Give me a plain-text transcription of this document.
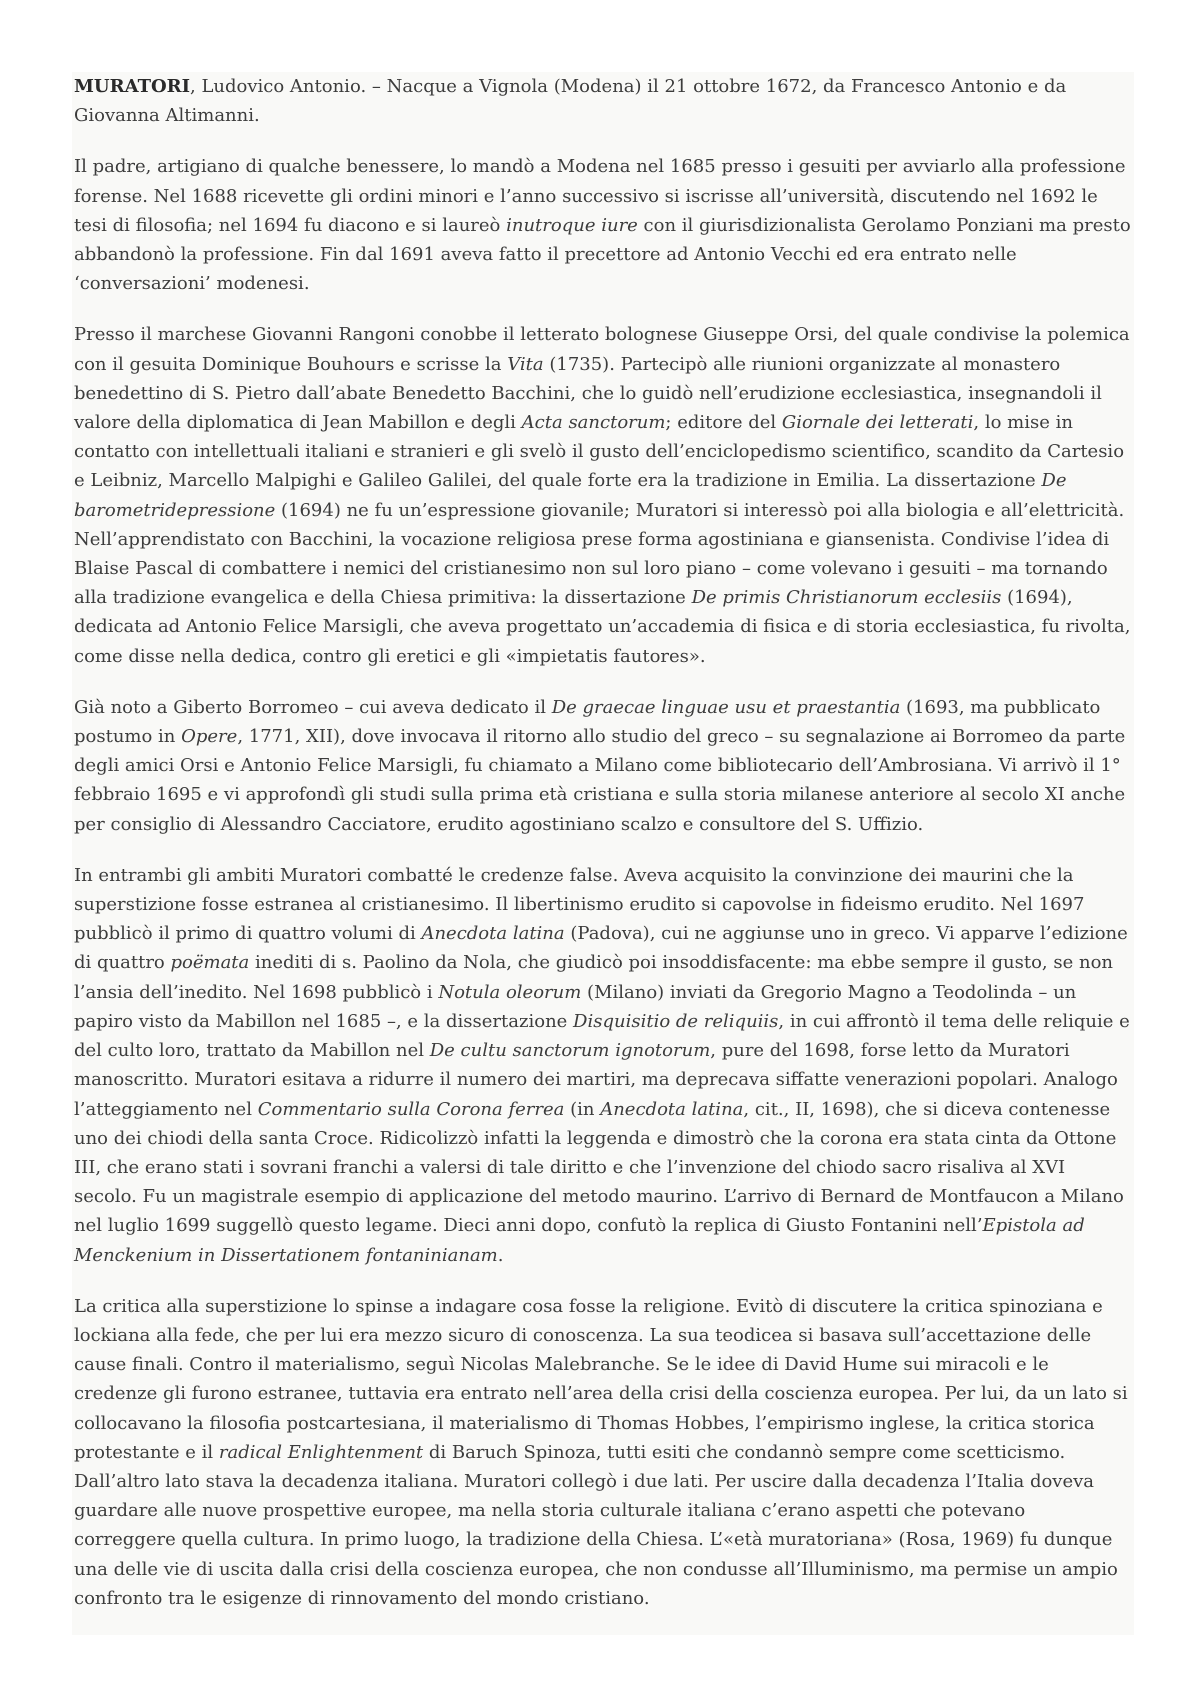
MURATORI, Ludovico Antonio. – Nacque a Vignola (Modena) il 21 ottobre 1672, da Francesco Antonio e da Giovanna Altimanni.

Il padre, artigiano di qualche benessere, lo mandò a Modena nel 1685 presso i gesuiti per avviarlo alla professione forense. Nel 1688 ricevette gli ordini minori e l’anno successivo si iscrisse all’università, discutendo nel 1692 le tesi di filosofia; nel 1694 fu diacono e si laureò inutroque iure con il giurisdizionalista Gerolamo Ponziani ma presto abbandonò la professione. Fin dal 1691 aveva fatto il precettore ad Antonio Vecchi ed era entrato nelle ‘conversazioni’ modenesi.

Presso il marchese Giovanni Rangoni conobbe il letterato bolognese Giuseppe Orsi, del quale condivise la polemica con il gesuita Dominique Bouhours e scrisse la Vita (1735). Partecipò alle riunioni organizzate al monastero benedettino di S. Pietro dall’abate Benedetto Bacchini, che lo guidò nell’erudizione ecclesiastica, insegnandoli il valore della diplomatica di Jean Mabillon e degli Acta sanctorum; editore del Giornale dei letterati, lo mise in contatto con intellettuali italiani e stranieri e gli svelò il gusto dell’enciclopedismo scientifico, scandito da Cartesio e Leibniz, Marcello Malpighi e Galileo Galilei, del quale forte era la tradizione in Emilia. La dissertazione De barometridepressione (1694) ne fu un’espressione giovanile; Muratori si interessò poi alla biologia e all’elettricità. Nell’apprendistato con Bacchini, la vocazione religiosa prese forma agostiniana e giansenista. Condivise l’idea di Blaise Pascal di combattere i nemici del cristianesimo non sul loro piano – come volevano i gesuiti – ma tornando alla tradizione evangelica e della Chiesa primitiva: la dissertazione De primis Christianorum ecclesiis (1694), dedicata ad Antonio Felice Marsigli, che aveva progettato un’accademia di fisica e di storia ecclesiastica, fu rivolta, come disse nella dedica, contro gli eretici e gli «impietatis fautores».

Già noto a Giberto Borromeo – cui aveva dedicato il De graecae linguae usu et praestantia (1693, ma pubblicato postumo in Opere, 1771, XII), dove invocava il ritorno allo studio del greco – su segnalazione ai Borromeo da parte degli amici Orsi e Antonio Felice Marsigli, fu chiamato a Milano come bibliotecario dell’Ambrosiana. Vi arrivò il 1° febbraio 1695 e vi approfondì gli studi sulla prima età cristiana e sulla storia milanese anteriore al secolo XI anche per consiglio di Alessandro Cacciatore, erudito agostiniano scalzo e consultore del S. Uffizio.

In entrambi gli ambiti Muratori combatté le credenze false. Aveva acquisito la convinzione dei maurini che la superstizione fosse estranea al cristianesimo. Il libertinismo erudito si capovolse in fideismo erudito. Nel 1697 pubblicò il primo di quattro volumi di Anecdota latina (Padova), cui ne aggiunse uno in greco. Vi apparve l’edizione di quattro poëmata inediti di s. Paolino da Nola, che giudicò poi insoddisfacente: ma ebbe sempre il gusto, se non l’ansia dell’inedito. Nel 1698 pubblicò i Notula oleorum (Milano) inviati da Gregorio Magno a Teodolinda – un papiro visto da Mabillon nel 1685 –, e la dissertazione Disquisitio de reliquiis, in cui affrontò il tema delle reliquie e del culto loro, trattato da Mabillon nel De cultu sanctorum ignotorum, pure del 1698, forse letto da Muratori manoscritto. Muratori esitava a ridurre il numero dei martiri, ma deprecava siffatte venerazioni popolari. Analogo l’atteggiamento nel Commentario sulla Corona ferrea (in Anecdota latina, cit., II, 1698), che si diceva contenesse uno dei chiodi della santa Croce. Ridicolizzò infatti la leggenda e dimostrò che la corona era stata cinta da Ottone III, che erano stati i sovrani franchi a valersi di tale diritto e che l’invenzione del chiodo sacro risaliva al XVI secolo. Fu un magistrale esempio di applicazione del metodo maurino. L’arrivo di Bernard de Montfaucon a Milano nel luglio 1699 suggellò questo legame. Dieci anni dopo, confutò la replica di Giusto Fontanini nell’Epistola ad Menckenium in Dissertationem fontaninianam.

La critica alla superstizione lo spinse a indagare cosa fosse la religione. Evitò di discutere la critica spinoziana e lockiana alla fede, che per lui era mezzo sicuro di conoscenza. La sua teodicea si basava sull’accettazione delle cause finali. Contro il materialismo, seguì Nicolas Malebranche. Se le idee di David Hume sui miracoli e le credenze gli furono estranee, tuttavia era entrato nell’area della crisi della coscienza europea. Per lui, da un lato si collocavano la filosofia postcartesiana, il materialismo di Thomas Hobbes, l’empirismo inglese, la critica storica protestante e il radical Enlightenment di Baruch Spinoza, tutti esiti che condannò sempre come scetticismo. Dall’altro lato stava la decadenza italiana. Muratori collegò i due lati. Per uscire dalla decadenza l’Italia doveva guardare alle nuove prospettive europee, ma nella storia culturale italiana c’erano aspetti che potevano correggere quella cultura. In primo luogo, la tradizione della Chiesa. L’«età muratoriana» (Rosa, 1969) fu dunque una delle vie di uscita dalla crisi della coscienza europea, che non condusse all’Illuminismo, ma permise un ampio confronto tra le esigenze di rinnovamento del mondo cristiano.
